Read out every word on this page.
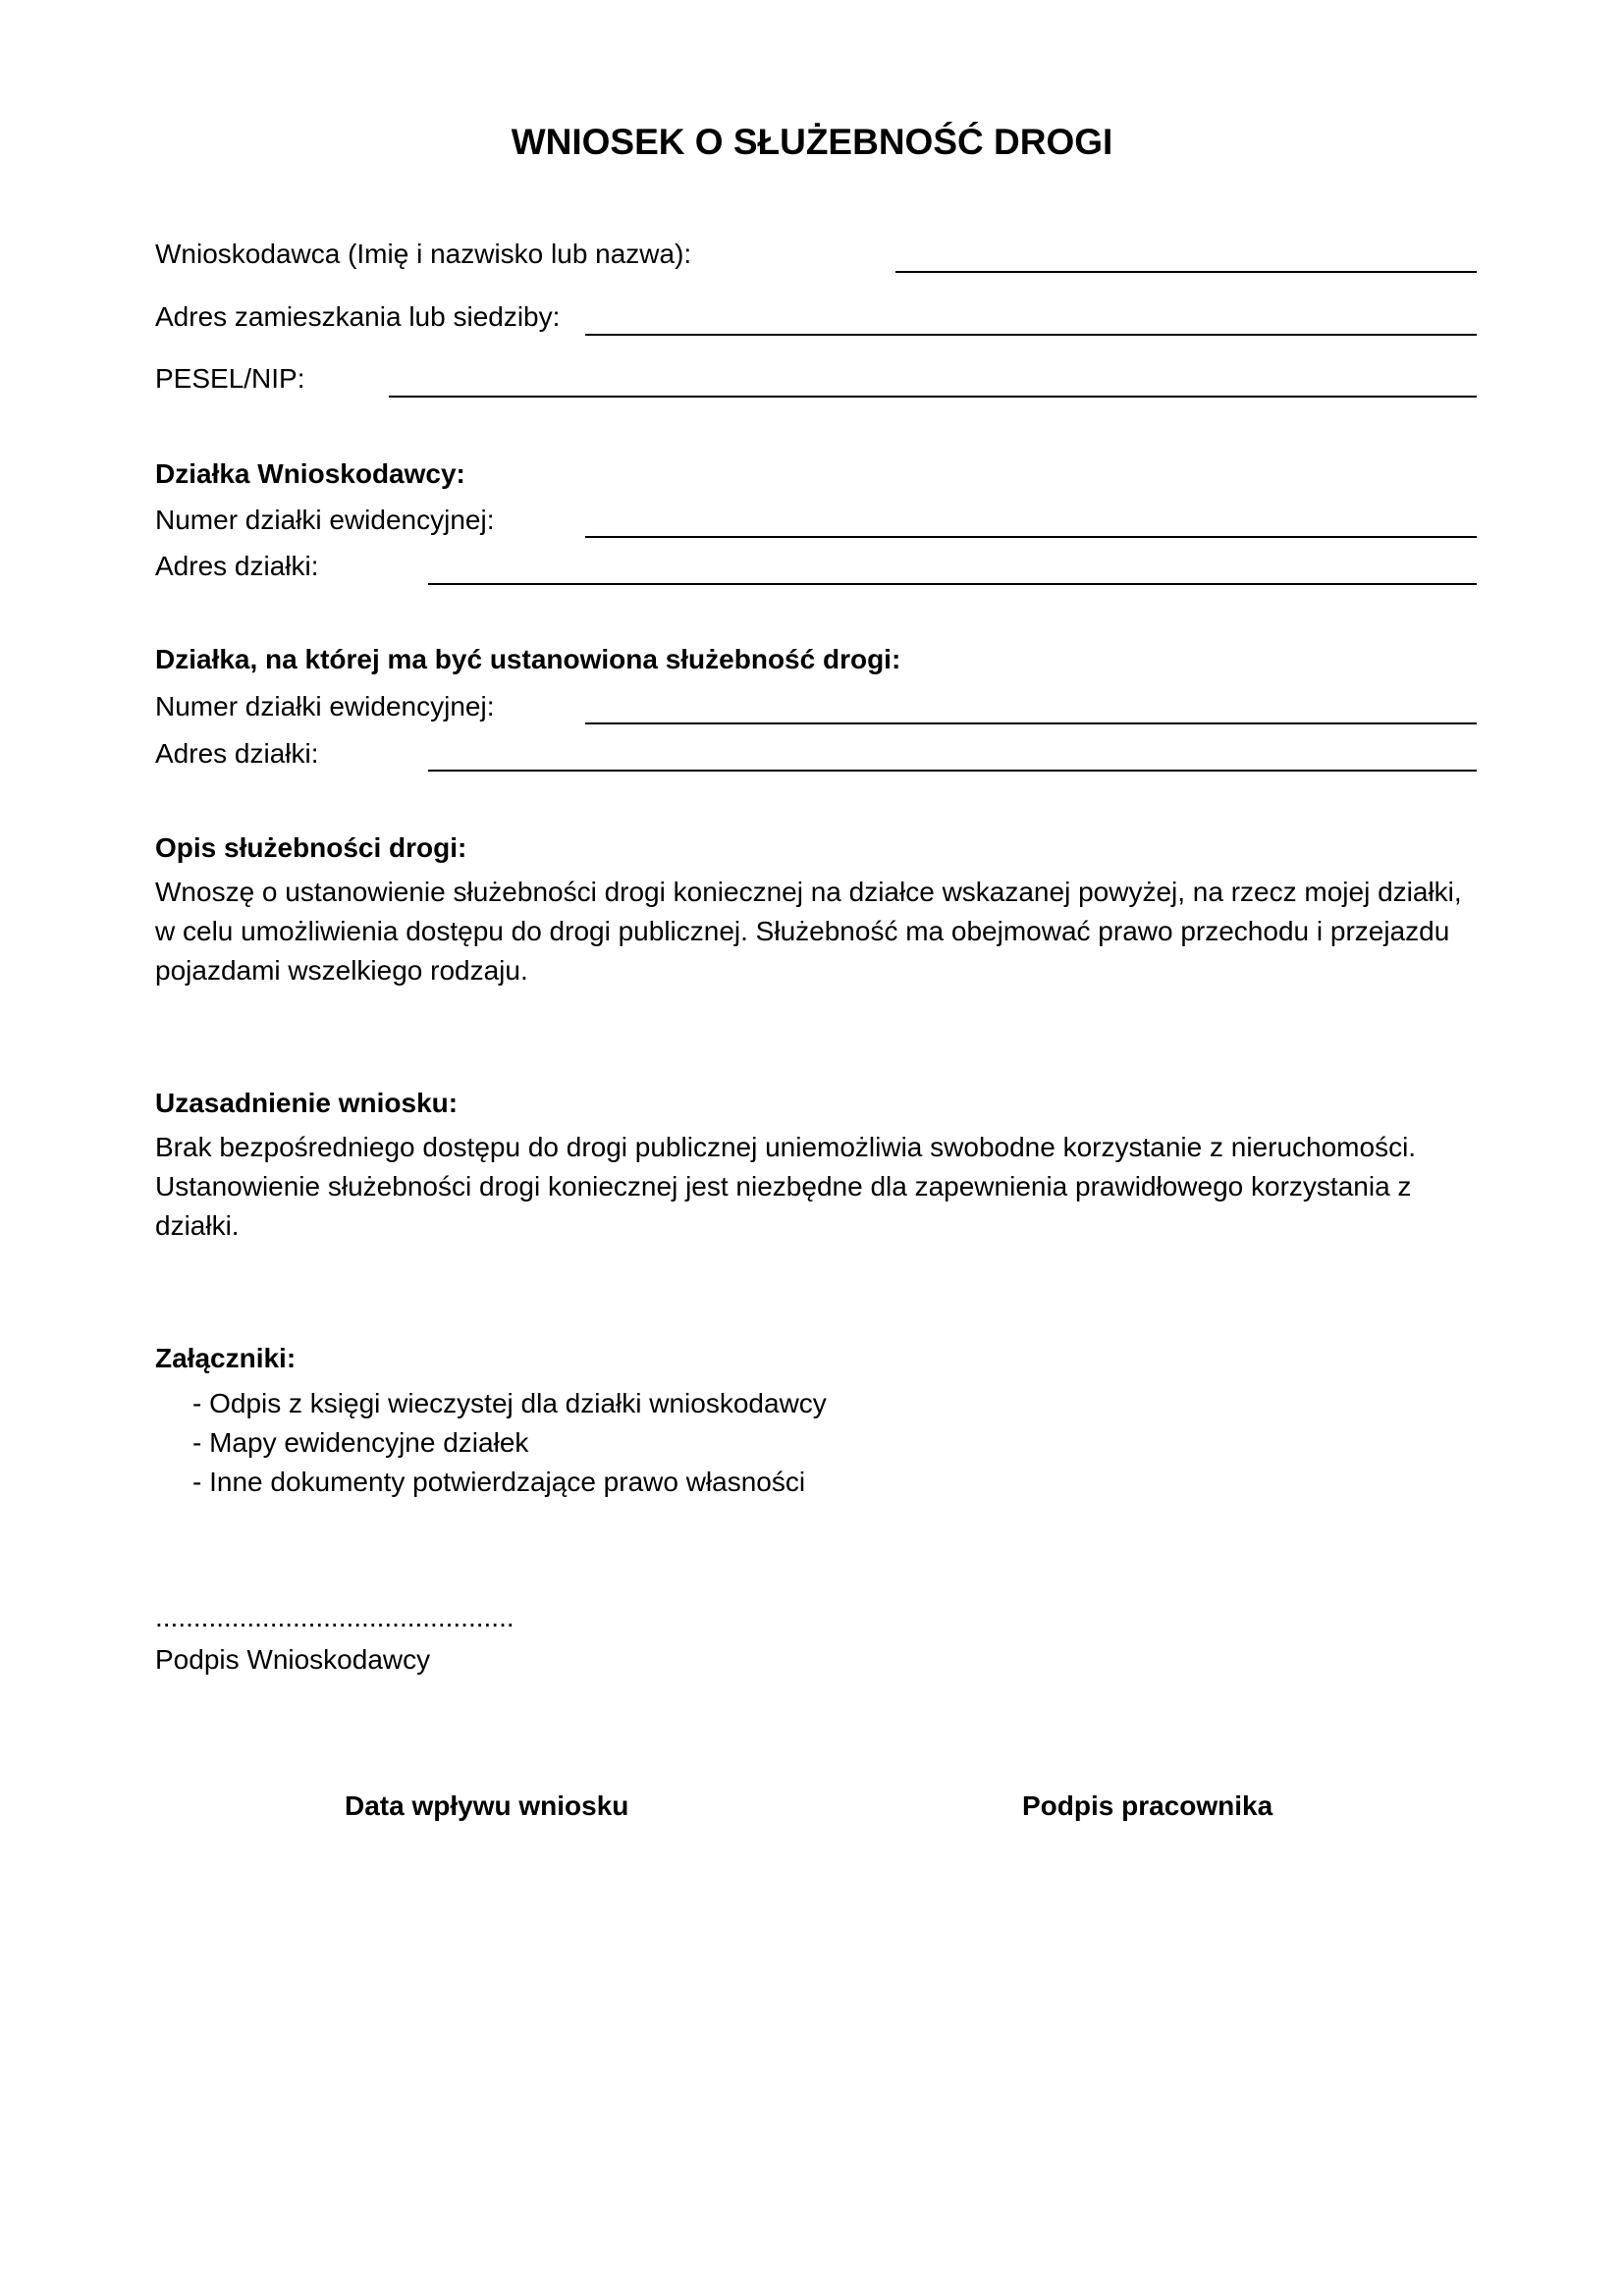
WNIOSEK O SŁUŻEBNOŚĆ DROGI
Wnioskodawca (Imię i nazwisko lub nazwa):
Adres zamieszkania lub siedziby:
PESEL/NIP:
Działka Wnioskodawcy:
Numer działki ewidencyjnej:
Adres działki:
Działka, na której ma być ustanowiona służebność drogi:
Numer działki ewidencyjnej:
Adres działki:
Opis służebności drogi:
Wnoszę o ustanowienie służebności drogi koniecznej na działce wskazanej powyżej, na rzecz mojej działki, w celu umożliwienia dostępu do drogi publicznej. Służebność ma obejmować prawo przechodu i przejazdu pojazdami wszelkiego rodzaju.
Uzasadnienie wniosku:
Brak bezpośredniego dostępu do drogi publicznej uniemożliwia swobodne korzystanie z nieruchomości. Ustanowienie służebności drogi koniecznej jest niezbędne dla zapewnienia prawidłowego korzystania z działki.
Załączniki:
- Odpis z księgi wieczystej dla działki wnioskodawcy
- Mapy ewidencyjne działek
- Inne dokumenty potwierdzające prawo własności
...............................................
Podpis Wnioskodawcy
Data wpływu wniosku	Podpis pracownika
